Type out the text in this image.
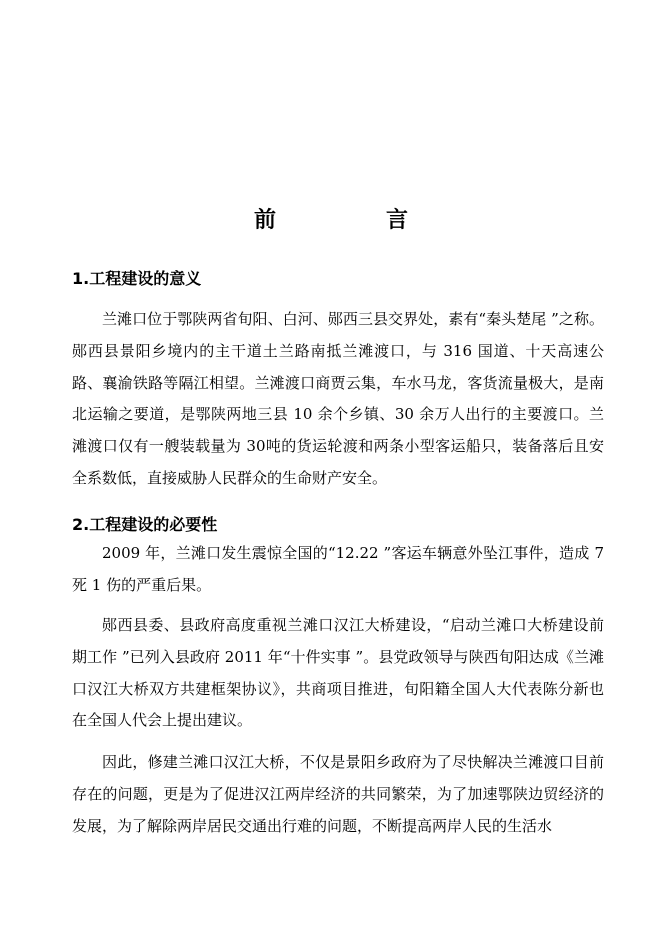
前　言
1.工程建设的意义
兰滩口位于鄂陕两省旬阳、白河、郧西三县交界处，素有“秦头楚尾 ”之称。郧西县景阳乡境内的主干道土兰路南抵兰滩渡口，与 316 国道、十天高速公路、襄渝铁路等隔江相望。兰滩渡口商贾云集，车水马龙，客货流量极大，是南北运输之要道，是鄂陕两地三县 10 余个乡镇、30 余万人出行的主要渡口。兰滩渡口仅有一艘装载量为 30吨的货运轮渡和两条小型客运船只，装备落后且安全系数低，直接威胁人民群众的生命财产安全。
2.工程建设的必要性
2009 年，兰滩口发生震惊全国的“12.22 ”客运车辆意外坠江事件，造成 7 死 1 伤的严重后果。
郧西县委、县政府高度重视兰滩口汉江大桥建设，“启动兰滩口大桥建设前期工作 ”已列入县政府 2011 年“十件实事 ”。县党政领导与陕西旬阳达成《兰滩口汉江大桥双方共建框架协议》，共商项目推进，旬阳籍全国人大代表陈分新也在全国人代会上提出建议。
因此，修建兰滩口汉江大桥，不仅是景阳乡政府为了尽快解决兰滩渡口目前存在的问题，更是为了促进汉江两岸经济的共同繁荣，为了加速鄂陕边贸经济的发展，为了解除两岸居民交通出行难的问题，不断提高两岸人民的生活水
